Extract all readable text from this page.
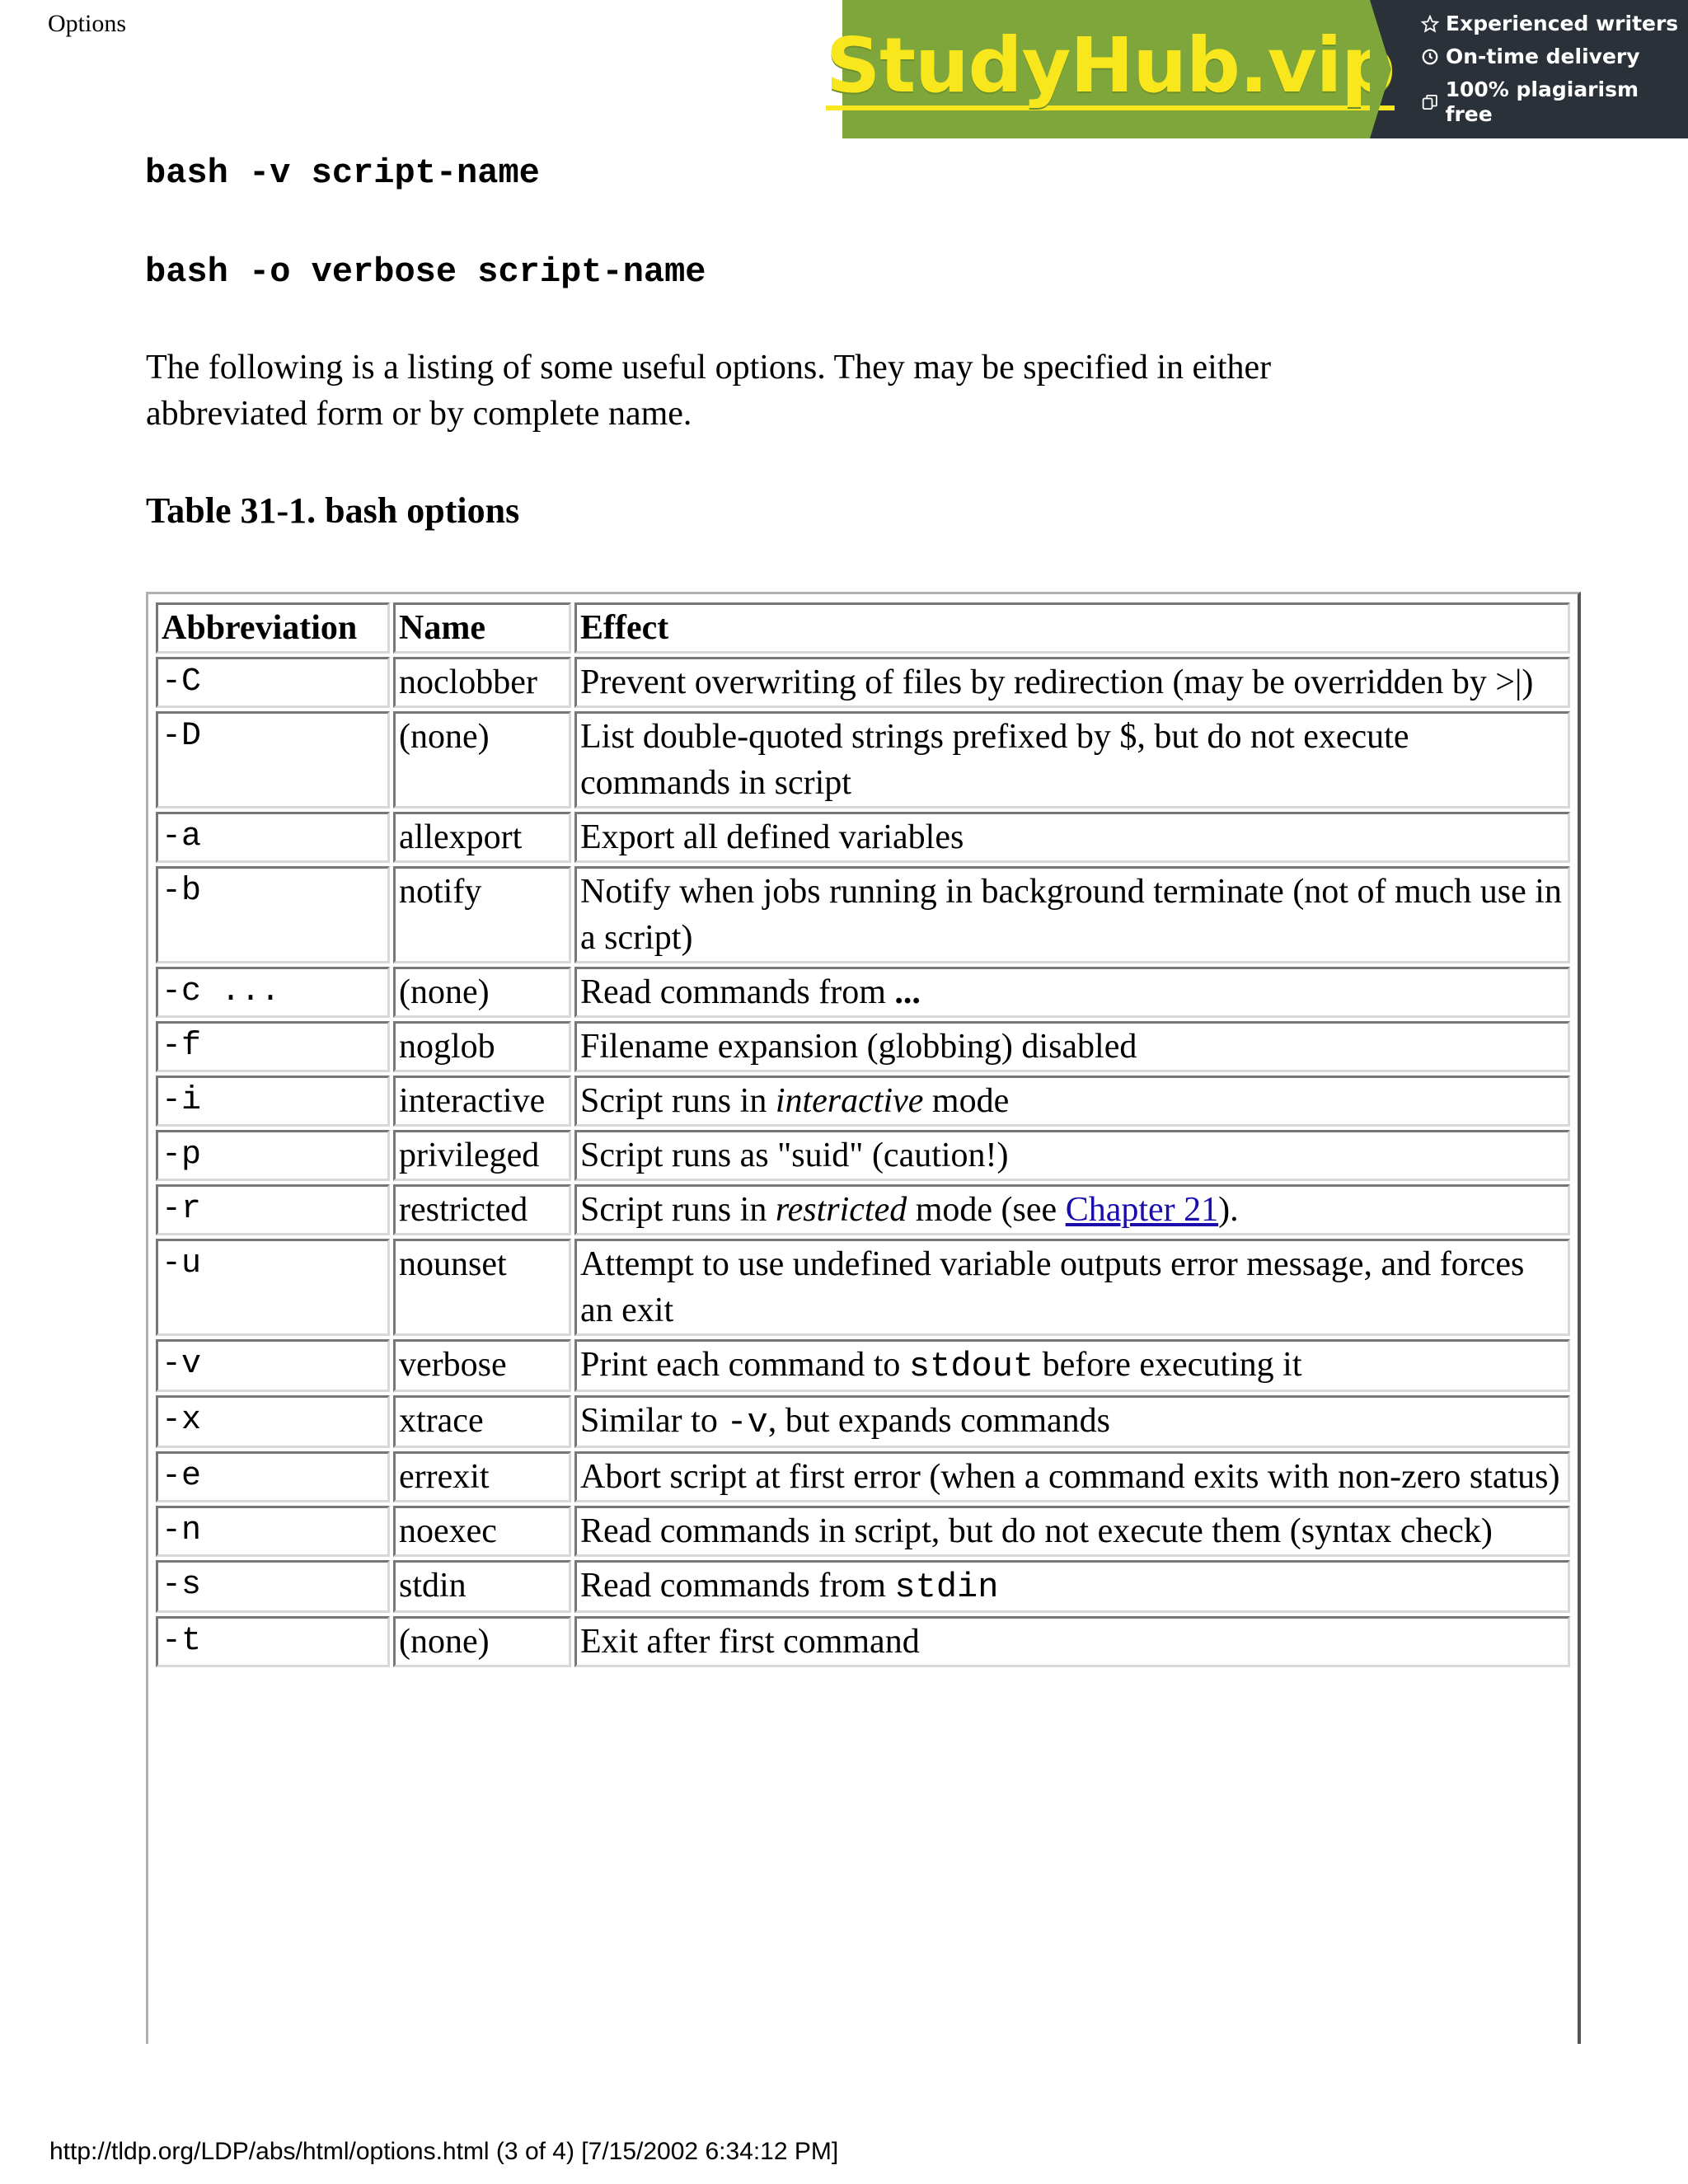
Options	StudyHub.vip Experienced writers
On-time delivery
100% plagiarism free
bash -v script-name
bash -o verbose script-name
The following is a listing of some useful options. They may be specified in either abbreviated form or by complete name.
Table 31-1. bash options
Abbreviation	Name	Effect
-C	noclobber	Prevent overwriting of files by redirection (may be overridden by >|)
-D	(none)	List double-quoted strings prefixed by $, but do not execute commands in script
-a	allexport	Export all defined variables
-b	notify	Notify when jobs running in background terminate (not of much use in a script)
-c ...	(none)	Read commands from ...
-f	noglob	Filename expansion (globbing) disabled
-i	interactive	Script runs in interactive mode
-p	privileged	Script runs as "suid" (caution!)
-r	restricted	Script runs in restricted mode (see Chapter 21).
-u	nounset	Attempt to use undefined variable outputs error message, and forces an exit
-v	verbose	Print each command to stdout before executing it
-x	xtrace	Similar to -v, but expands commands
-e	errexit	Abort script at first error (when a command exits with non-zero status)
-n	noexec	Read commands in script, but do not execute them (syntax check)
-s	stdin	Read commands from stdin
-t	(none)	Exit after first command
http://tldp.org/LDP/abs/html/options.html (3 of 4) [7/15/2002 6:34:12 PM]
